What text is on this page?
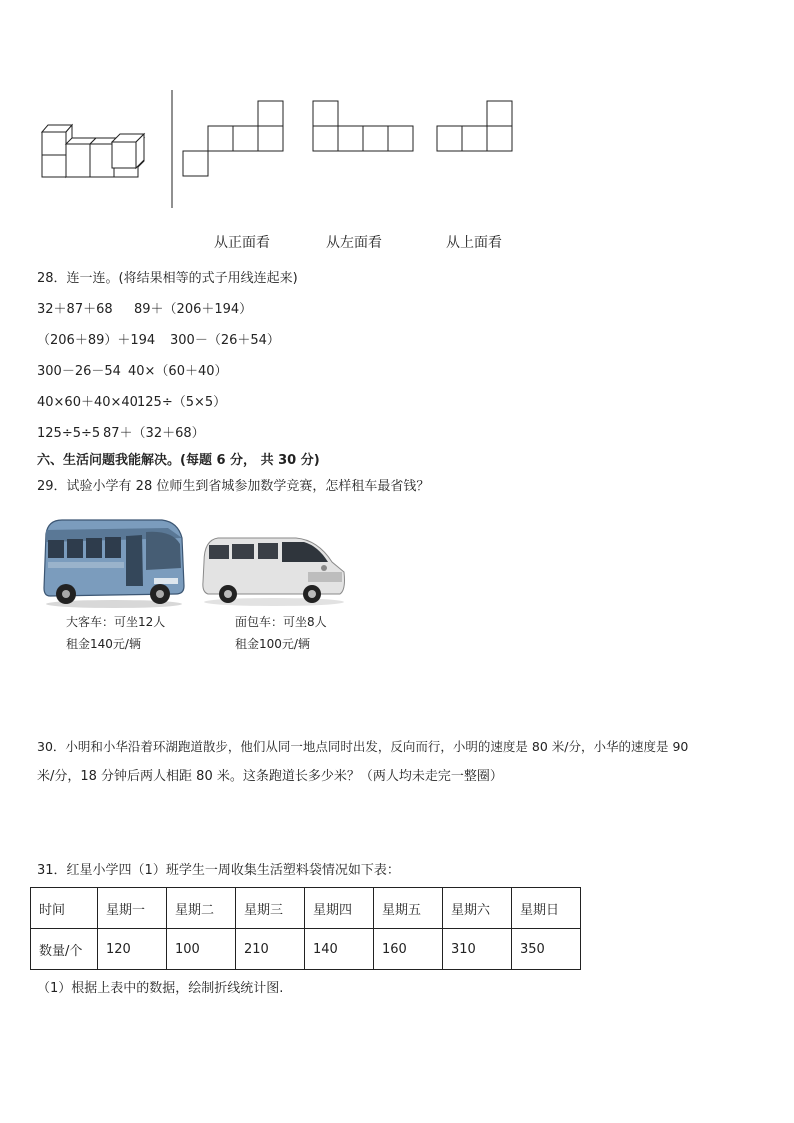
从正面看	从左面看	从上面看
28．连一连。(将结果相等的式子用线连起来)
32＋87＋68 89＋（206＋194）
（206＋89）＋194 300－（26＋54）
300－26－54 40×（60＋40）
40×60＋40×40 125÷（5×5）
125÷5÷5 87＋（32＋68）
六、生活问题我能解决。(每题 6 分， 共 30 分)
29．试验小学有 28 位师生到省城参加数学竞赛，怎样租车最省钱？
大客车：可坐12人
租金140元/辆
面包车：可坐8人
租金100元/辆
30．小明和小华沿着环湖跑道散步，他们从同一地点同时出发，反向而行，小明的速度是 80 米/分，小华的速度是 90
米/分，18 分钟后两人相距 80 米。这条跑道长多少米？（两人均未走完一整圈）
31．红星小学四（1）班学生一周收集生活塑料袋情况如下表：
时间	星期一	星期二	星期三	星期四	星期五	星期六	星期日
数量/个	120	100	210	140	160	310	350
（1）根据上表中的数据，绘制折线统计图.
